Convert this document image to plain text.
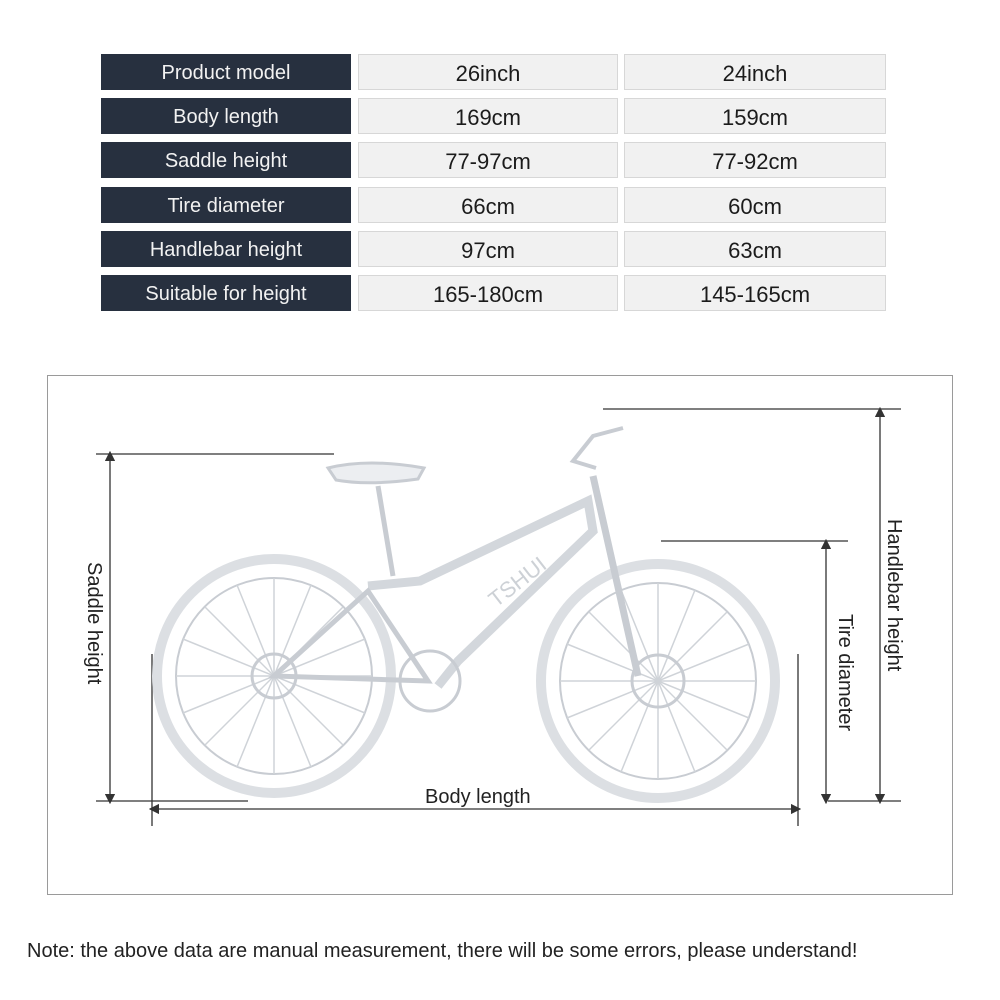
Product model	26inch	24inch
Body length	169cm	159cm
Saddle height	77-97cm	77-92cm
Tire diameter	66cm	60cm
Handlebar height	97cm	63cm
Suitable for height	165-180cm	145-165cm
TSHUI
Saddle height	Tire diameter
Handlebar height
Body length
Note: the above data are manual measurement, there will be some errors, please understand!
